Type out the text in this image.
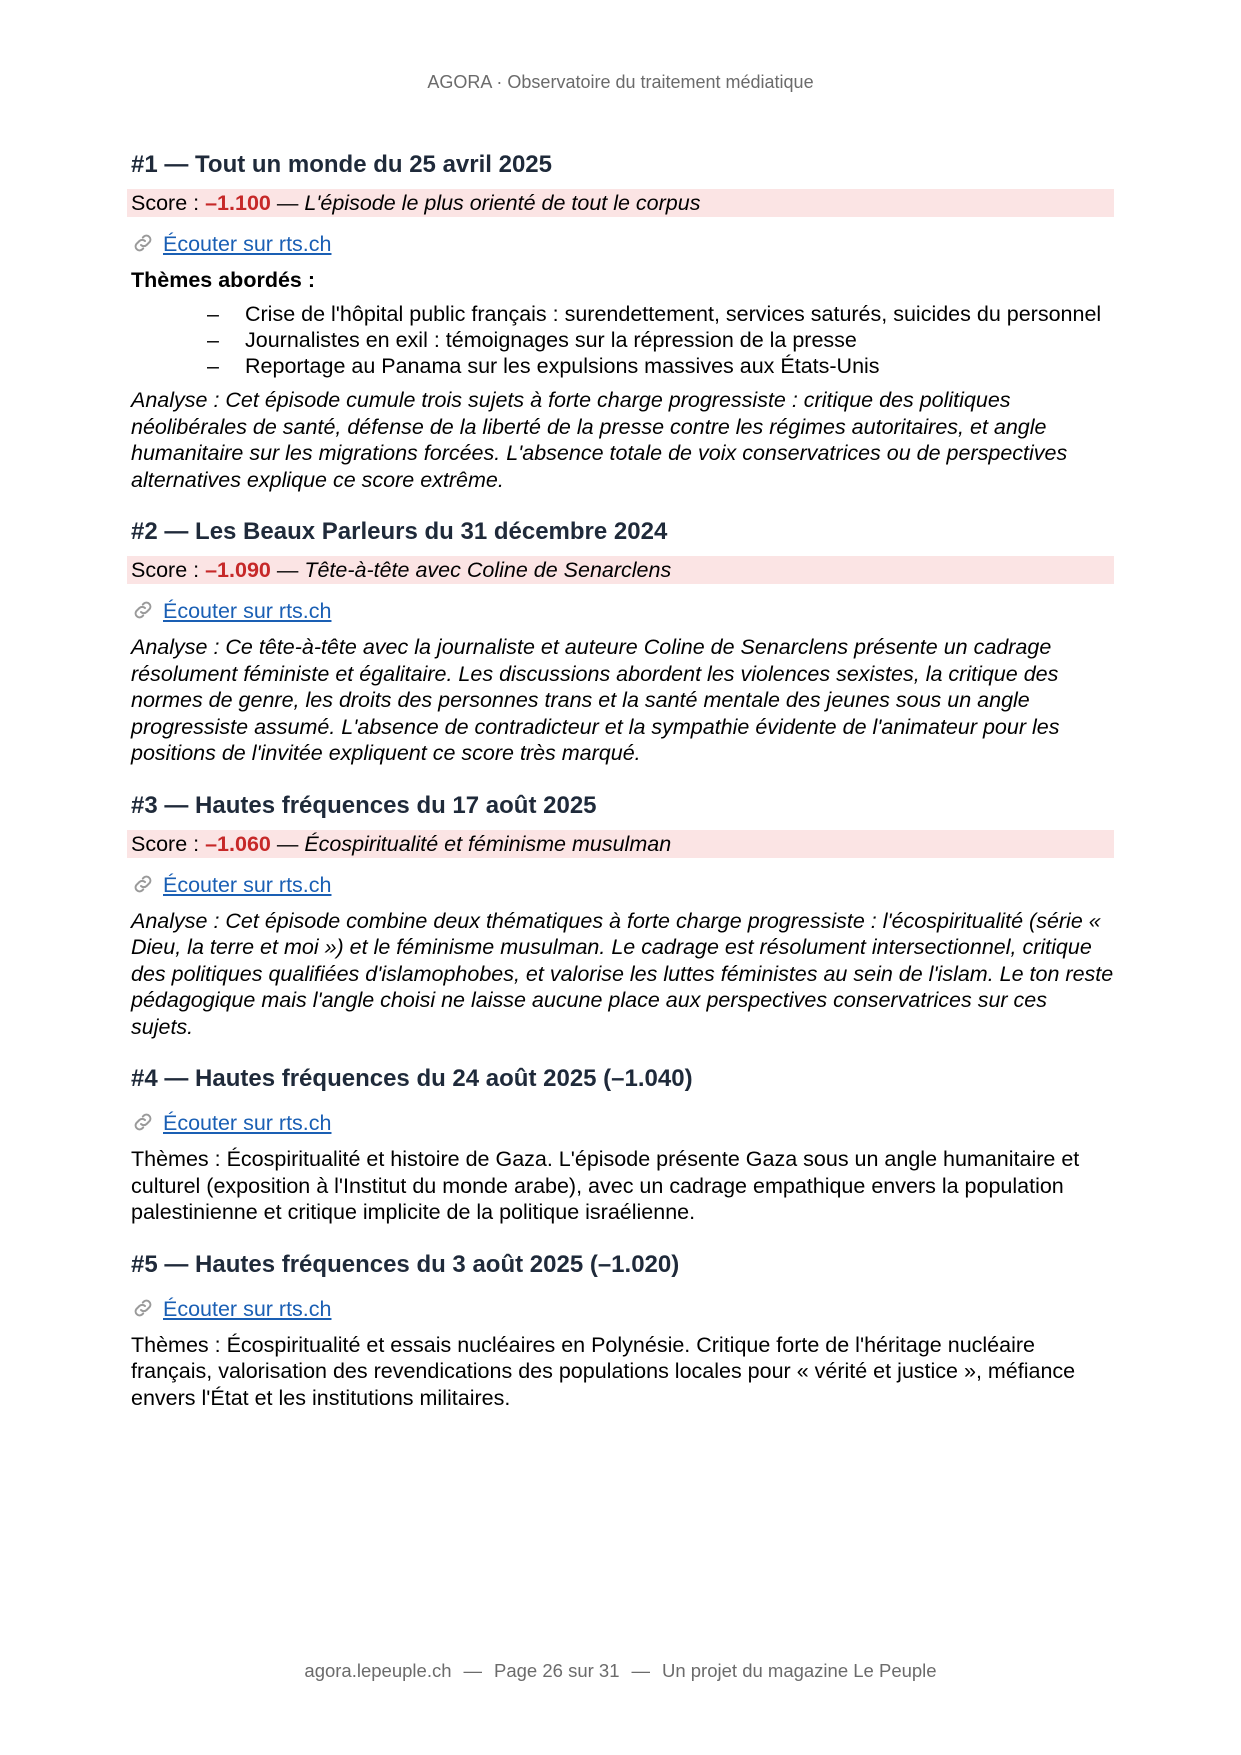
AGORA · Observatoire du traitement médiatique
#1 — Tout un monde du 25 avril 2025
Score : –1.100 — L'épisode le plus orienté de tout le corpus
Écouter sur rts.ch
Thèmes abordés :
– Crise de l'hôpital public français : surendettement, services saturés, suicides du personnel
– Journalistes en exil : témoignages sur la répression de la presse
– Reportage au Panama sur les expulsions massives aux États-Unis

Analyse : Cet épisode cumule trois sujets à forte charge progressiste : critique des politiques néolibérales de santé, défense de la liberté de la presse contre les régimes autoritaires, et angle humanitaire sur les migrations forcées. L'absence totale de voix conservatrices ou de perspectives alternatives explique ce score extrême.

#2 — Les Beaux Parleurs du 31 décembre 2024
Score : –1.090 — Tête-à-tête avec Coline de Senarclens
Écouter sur rts.ch

Analyse : Ce tête-à-tête avec la journaliste et auteure Coline de Senarclens présente un cadrage résolument féministe et égalitaire. Les discussions abordent les violences sexistes, la critique des normes de genre, les droits des personnes trans et la santé mentale des jeunes sous un angle progressiste assumé. L'absence de contradicteur et la sympathie évidente de l'animateur pour les positions de l'invitée expliquent ce score très marqué.

#3 — Hautes fréquences du 17 août 2025
Score : –1.060 — Écospiritualité et féminisme musulman
Écouter sur rts.ch

Analyse : Cet épisode combine deux thématiques à forte charge progressiste : l'écospiritualité (série « Dieu, la terre et moi ») et le féminisme musulman. Le cadrage est résolument intersectionnel, critique des politiques qualifiées d'islamophobes, et valorise les luttes féministes au sein de l'islam. Le ton reste pédagogique mais l'angle choisi ne laisse aucune place aux perspectives conservatrices sur ces sujets.

#4 — Hautes fréquences du 24 août 2025 (–1.040)
Écouter sur rts.ch

Thèmes : Écospiritualité et histoire de Gaza. L'épisode présente Gaza sous un angle humanitaire et culturel (exposition à l'Institut du monde arabe), avec un cadrage empathique envers la population palestinienne et critique implicite de la politique israélienne.

#5 — Hautes fréquences du 3 août 2025 (–1.020)
Écouter sur rts.ch

Thèmes : Écospiritualité et essais nucléaires en Polynésie. Critique forte de l'héritage nucléaire français, valorisation des revendications des populations locales pour « vérité et justice », méfiance envers l'État et les institutions militaires.

agora.lepeuple.ch — Page 26 sur 31 — Un projet du magazine Le Peuple
